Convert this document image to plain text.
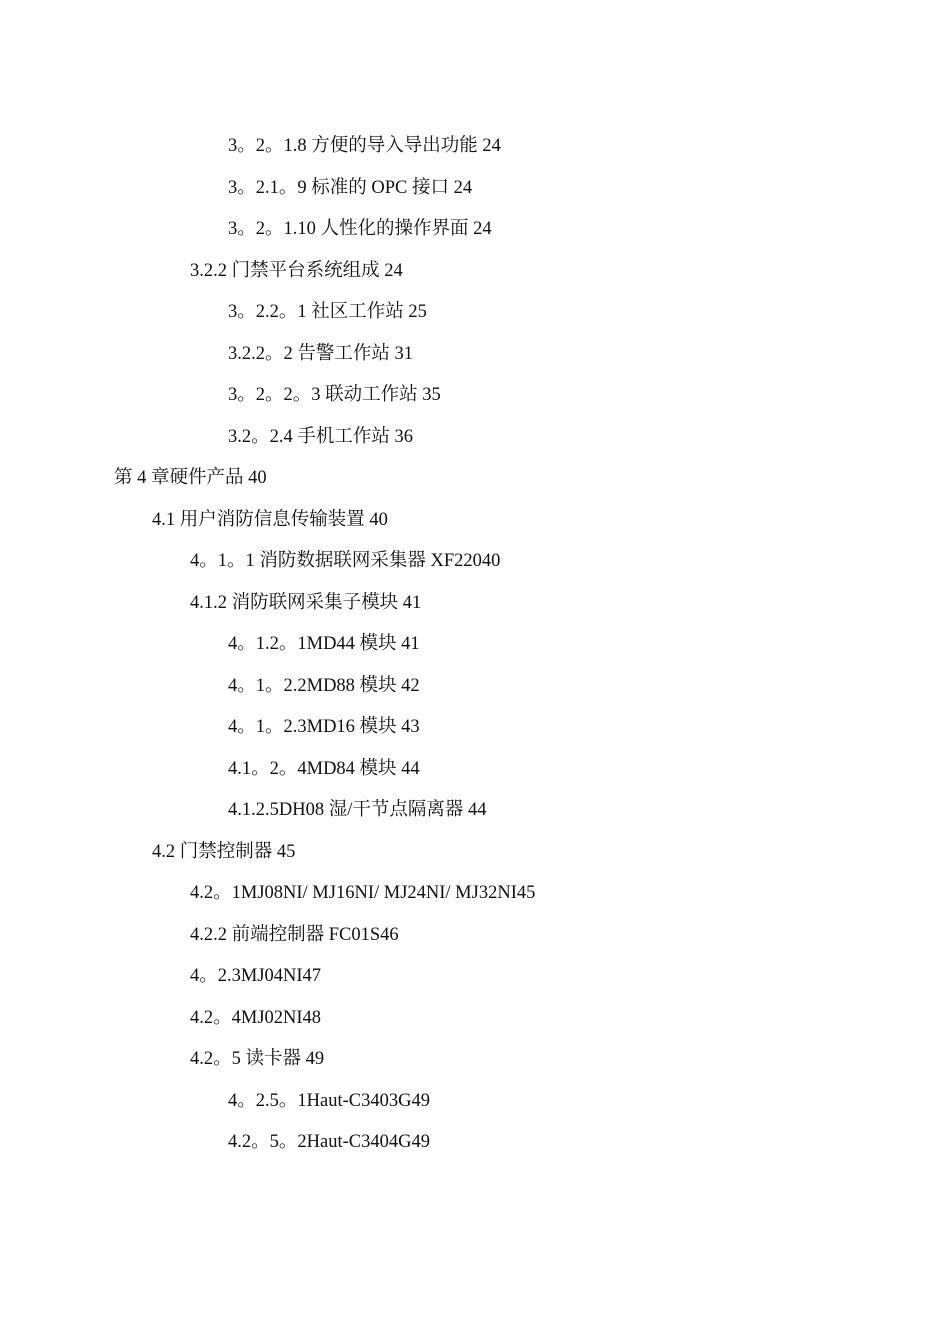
3。2。1.8 方便的导入导出功能 24
3。2.1。9 标准的 OPC 接口 24
3。2。1.10 人性化的操作界面 24
3.2.2 门禁平台系统组成 24
3。2.2。1 社区工作站 25
3.2.2。2 告警工作站 31
3。2。2。3 联动工作站 35
3.2。2.4 手机工作站 36
第 4 章硬件产品 40
4.1 用户消防信息传输装置 40
4。1。1 消防数据联网采集器 XF22040
4.1.2 消防联网采集子模块 41
4。1.2。1MD44 模块 41
4。1。2.2MD88 模块 42
4。1。2.3MD16 模块 43
4.1。2。4MD84 模块 44
4.1.2.5DH08 湿/干节点隔离器 44
4.2 门禁控制器 45
4.2。1MJ08NI/ MJ16NI/ MJ24NI/ MJ32NI45
4.2.2 前端控制器 FC01S46
4。2.3MJ04NI47
4.2。4MJ02NI48
4.2。5 读卡器 49
4。2.5。1Haut-C3403G49
4.2。5。2Haut-C3404G49
